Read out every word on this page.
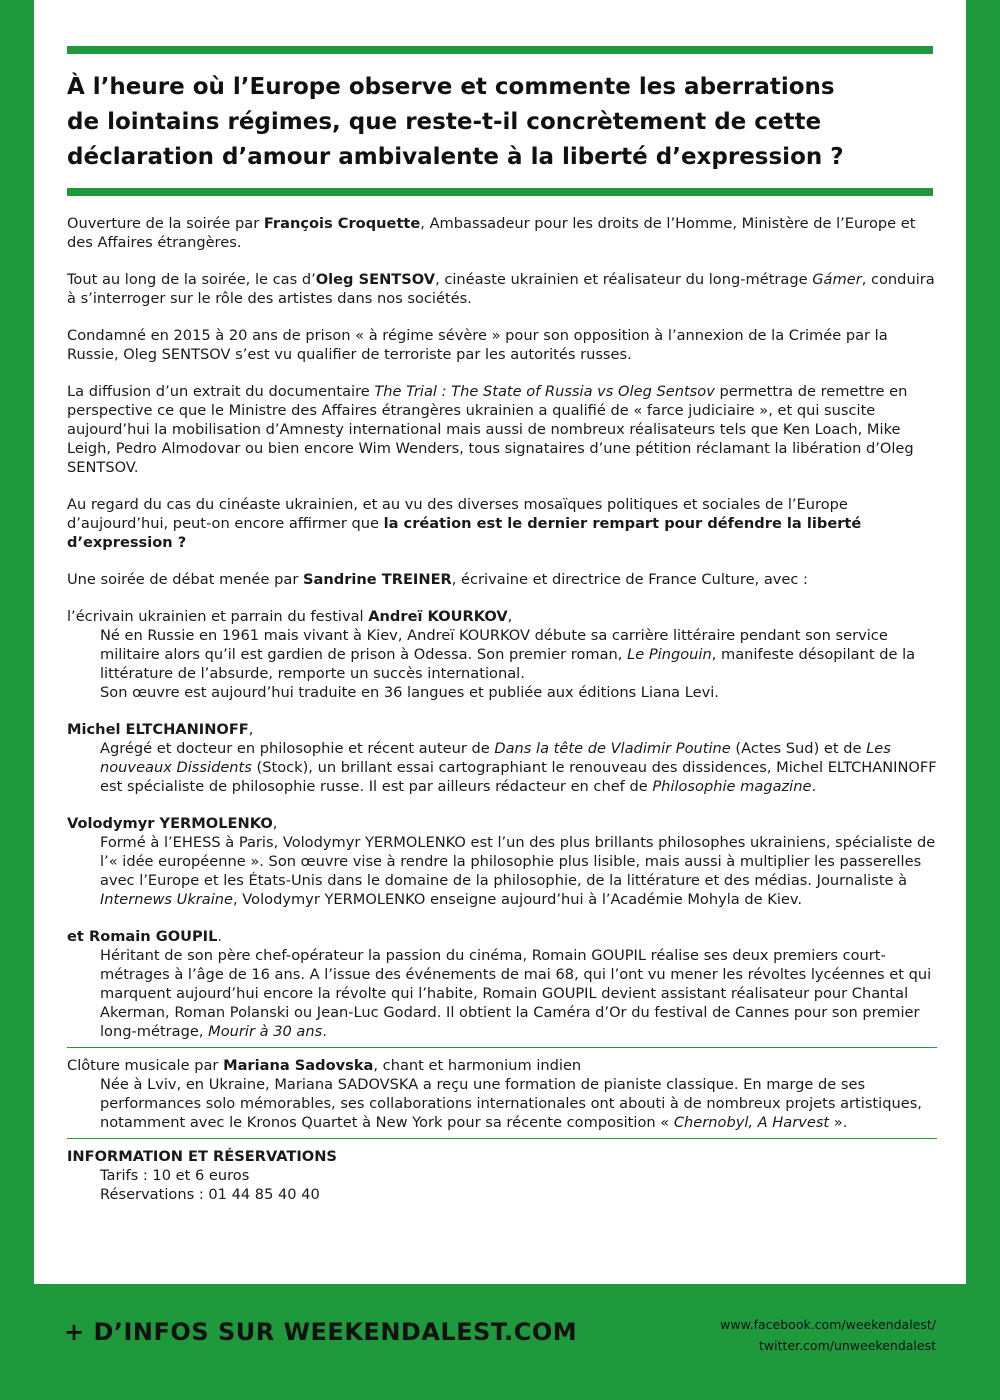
À l’heure où l’Europe observe et commente les aberrations
de lointains régimes, que reste-t-il concrètement de cette
déclaration d’amour ambivalente à la liberté d’expression ?

Ouverture de la soirée par François Croquette, Ambassadeur pour les droits de l’Homme, Ministère de l’Europe et des Affaires étrangères.

Tout au long de la soirée, le cas d’Oleg SENTSOV, cinéaste ukrainien et réalisateur du long-métrage Gámer, conduira à s’interroger sur le rôle des artistes dans nos sociétés.

Condamné en 2015 à 20 ans de prison « à régime sévère » pour son opposition à l’annexion de la Crimée par la Russie, Oleg SENTSOV s’est vu qualifier de terroriste par les autorités russes.

La diffusion d’un extrait du documentaire The Trial : The State of Russia vs Oleg Sentsov permettra de remettre en perspective ce que le Ministre des Affaires étrangères ukrainien a qualifié de « farce judiciaire », et qui suscite aujourd’hui la mobilisation d’Amnesty international mais aussi de nombreux réalisateurs tels que Ken Loach, Mike Leigh, Pedro Almodovar ou bien encore Wim Wenders, tous signataires d’une pétition réclamant la libération d’Oleg SENTSOV.

Au regard du cas du cinéaste ukrainien, et au vu des diverses mosaïques politiques et sociales de l’Europe d’aujourd’hui, peut-on encore affirmer que la création est le dernier rempart pour défendre la liberté d’expression ?

Une soirée de débat menée par Sandrine TREINER, écrivaine et directrice de France Culture, avec :

l’écrivain ukrainien et parrain du festival Andreï KOURKOV,

Né en Russie en 1961 mais vivant à Kiev, Andreï KOURKOV débute sa carrière littéraire pendant son service militaire alors qu’il est gardien de prison à Odessa. Son premier roman, Le Pingouin, manifeste désopilant de la littérature de l’absurde, remporte un succès international.

Son œuvre est aujourd’hui traduite en 36 langues et publiée aux éditions Liana Levi.

Michel ELTCHANINOFF,

Agrégé et docteur en philosophie et récent auteur de Dans la tête de Vladimir Poutine (Actes Sud) et de Les nouveaux Dissidents (Stock), un brillant essai cartographiant le renouveau des dissidences, Michel ELTCHANINOFF est spécialiste de philosophie russe. Il est par ailleurs rédacteur en chef de Philosophie magazine.

Volodymyr YERMOLENKO,

Formé à l’EHESS à Paris, Volodymyr YERMOLENKO est l’un des plus brillants philosophes ukrainiens, spécialiste de l’« idée européenne ». Son œuvre vise à rendre la philosophie plus lisible, mais aussi à multiplier les passerelles avec l’Europe et les États-Unis dans le domaine de la philosophie, de la littérature et des médias. Journaliste à Internews Ukraine, Volodymyr YERMOLENKO enseigne aujourd’hui à l’Académie Mohyla de Kiev.

et Romain GOUPIL.

Héritant de son père chef-opérateur la passion du cinéma, Romain GOUPIL réalise ses deux premiers court-métrages à l’âge de 16 ans. A l’issue des événements de mai 68, qui l’ont vu mener les révoltes lycéennes et qui marquent aujourd’hui encore la révolte qui l’habite, Romain GOUPIL devient assistant réalisateur pour Chantal Akerman, Roman Polanski ou Jean-Luc Godard. Il obtient la Caméra d’Or du festival de Cannes pour son premier long-métrage, Mourir à 30 ans.

Clôture musicale par Mariana Sadovska, chant et harmonium indien

Née à Lviv, en Ukraine, Mariana SADOVSKA a reçu une formation de pianiste classique. En marge de ses performances solo mémorables, ses collaborations internationales ont abouti à de nombreux projets artistiques, notamment avec le Kronos Quartet à New York pour sa récente composition « Chernobyl, A Harvest ».

INFORMATION ET RÉSERVATIONS

Tarifs : 10 et 6 euros

Réservations : 01 44 85 40 40

+ D’INFOS SUR WEEKENDALEST.COM	www.facebook.com/weekendalest/
twitter.com/unweekendalest
